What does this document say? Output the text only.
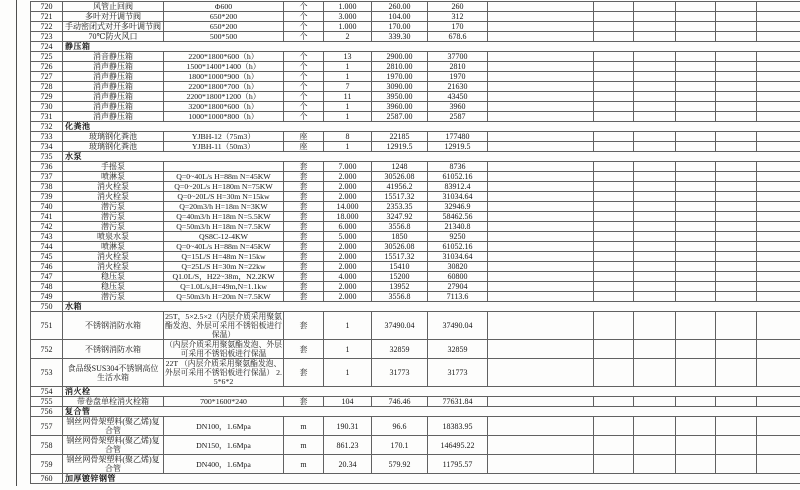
720	风管止回阀	Φ600	个	1.000	260.00	260						
721	多叶对开调节阀	650*200	个	3.000	104.00	312						
722	手动密闭式对开多叶调节阀	650*200	个	1.000	170.00	170						
723	70℃防火风口	500*500	个	2	339.30	678.6						
724	静压箱											
725	消音静压箱	2200*1800*600（h）	个	13	2900.00	37700						
726	消声静压箱	1500*1400*1400（h）	个	1	2810.00	2810						
727	消声静压箱	1800*1000*900（h）	个	1	1970.00	1970						
728	消声静压箱	2200*1800*700（h）	个	7	3090.00	21630						
729	消声静压箱	2200*1800*1200（h）	个	11	3950.00	43450						
730	消声静压箱	3200*1800*600（h）	个	1	3960.00	3960						
731	消声静压箱	1000*1000*800（h）	个	1	2587.00	2587						
732	化粪池											
733	玻璃钢化粪池	YJBH-12（75m3）	座	8	22185	177480						
734	玻璃钢化粪池	YJBH-11（50m3）	座	1	12919.5	12919.5						
735	水泵											
736	手摇泵		套	7.000	1248	8736						
737	喷淋泵	Q=0~40L/s H=88m N=45KW	套	2.000	30526.08	61052.16						
738	消火栓泵	Q=0~20L/s H=180m N=75KW	套	2.000	41956.2	83912.4						
739	消火栓泵	Q=0~20L/S H=30m N=15kw	套	2.000	15517.32	31034.64						
740	潜污泵	Q=20m3/h H=18m N=3KW	套	14.000	2353.35	32946.9						
741	潜污泵	Q=40m3/h H=18m N=5.5KW	套	18.000	3247.92	58462.56						
742	潜污泵	Q=50m3/h H=18m N=7.5KW	套	6.000	3556.8	21340.8						
743	喷泉水泵	QS8C-12-4KW	套	5.000	1850	9250						
744	喷淋泵	Q=0~40L/s H=88m N=45KW	套	2.000	30526.08	61052.16						
745	消火栓泵	Q=15L/S H=48m N=15kw	套	2.000	15517.32	31034.64						
746	消火栓泵	Q=25L/S H=30m N=22kw	套	2.000	15410	30820						
747	稳压泵	Q1.0L/S，H22~38m，N2.2KW	套	4.000	15200	60800						
748	稳压泵	Q=1.0L/s,H=49m,N=1.1kw	套	2.000	13952	27904						
749	潜污泵	Q=50m3/h H=20m N=7.5KW	套	2.000	3556.8	7113.6						
750	水箱											
751	不锈钢消防水箱	25T，5×2.5×2（内层介质采用聚氨酯发泡、外层可采用不锈铝板进行保温）	套	1	37490.04	37490.04						
752	不锈钢消防水箱	（内层介质采用聚氨酯发泡、外层可采用不锈铝板进行保温	套	1	32859	32859						
753	食品级SUS304不锈钢高位生活水箱	22T （内层介质采用聚氨酯发泡、外层可采用不锈铝板进行保温） 2.5*6*2	套	1	31773	31773						
754	消火栓											
755	带卷盘单栓消火栓箱	700*1600*240	套	104	746.46	77631.84						
756	复合管											
757	钢丝网骨架塑料(聚乙烯)复合管	DN100，1.6Mpa	m	190.31	96.6	18383.95						
758	钢丝网骨架塑料(聚乙烯)复合管	DN150，1.6Mpa	m	861.23	170.1	146495.22						
759	钢丝网骨架塑料(聚乙烯)复合管	DN400，1.6Mpa	m	20.34	579.92	11795.57						
760	加厚镀锌钢管											
